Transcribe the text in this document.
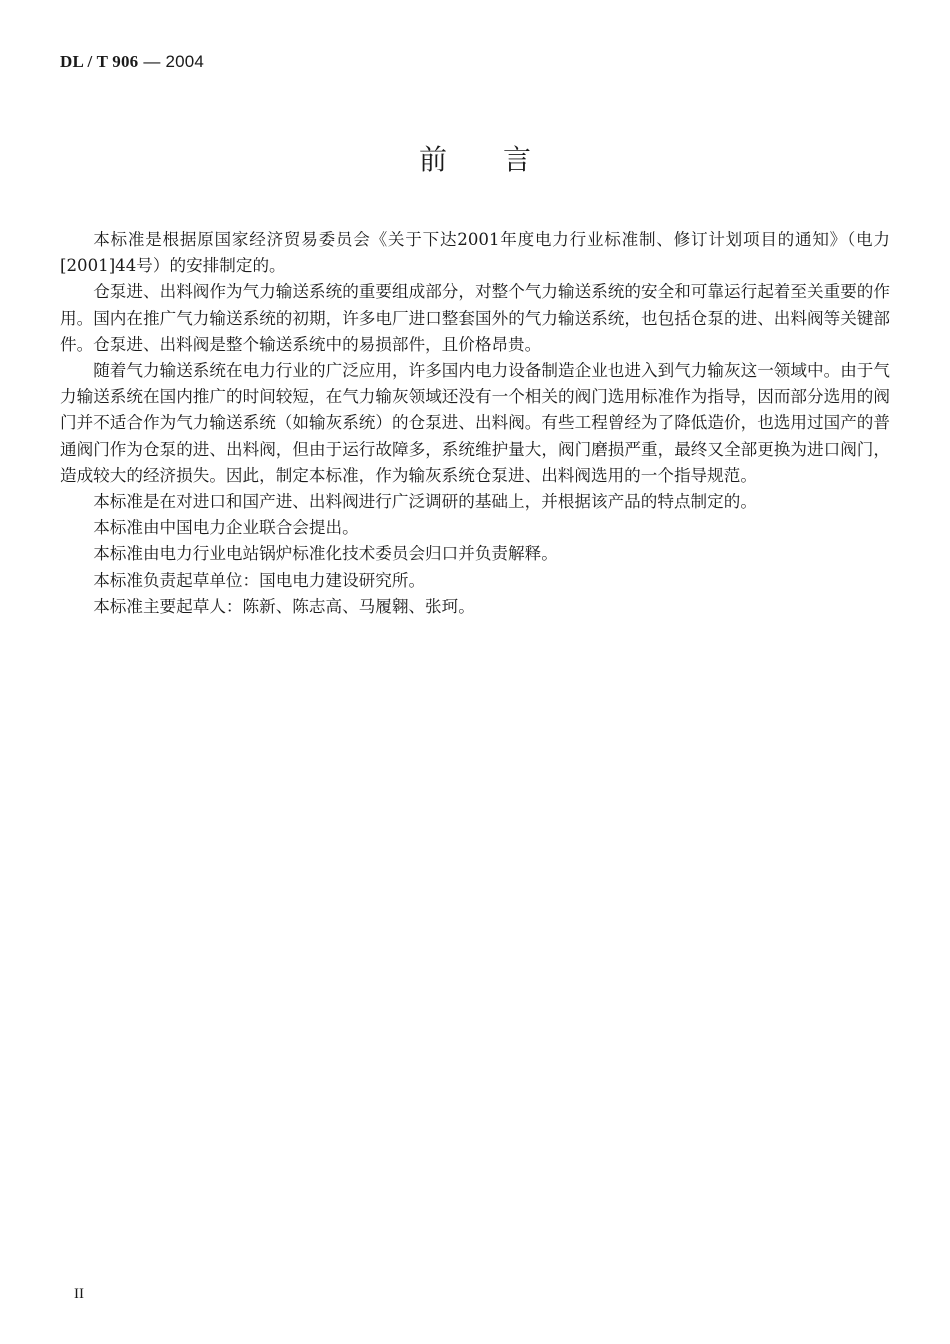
DL / T 906 — 2004
前言

本标准是根据原国家经济贸易委员会《关于下达2001年度电力行业标准制、修订计划项目的通知》（电力[2001]44号）的安排制定的。

仓泵进、出料阀作为气力输送系统的重要组成部分，对整个气力输送系统的安全和可靠运行起着至关重要的作用。国内在推广气力输送系统的初期，许多电厂进口整套国外的气力输送系统，也包括仓泵的进、出料阀等关键部件。仓泵进、出料阀是整个输送系统中的易损部件，且价格昂贵。

随着气力输送系统在电力行业的广泛应用，许多国内电力设备制造企业也进入到气力输灰这一领域中。由于气力输送系统在国内推广的时间较短，在气力输灰领域还没有一个相关的阀门选用标准作为指导，因而部分选用的阀门并不适合作为气力输送系统（如输灰系统）的仓泵进、出料阀。有些工程曾经为了降低造价，也选用过国产的普通阀门作为仓泵的进、出料阀，但由于运行故障多，系统维护量大，阀门磨损严重，最终又全部更换为进口阀门，造成较大的经济损失。因此，制定本标准，作为输灰系统仓泵进、出料阀选用的一个指导规范。

本标准是在对进口和国产进、出料阀进行广泛调研的基础上，并根据该产品的特点制定的。

本标准由中国电力企业联合会提出。

本标准由电力行业电站锅炉标准化技术委员会归口并负责解释。

本标准负责起草单位：国电电力建设研究所。

本标准主要起草人：陈新、陈志高、马履翱、张珂。

II
